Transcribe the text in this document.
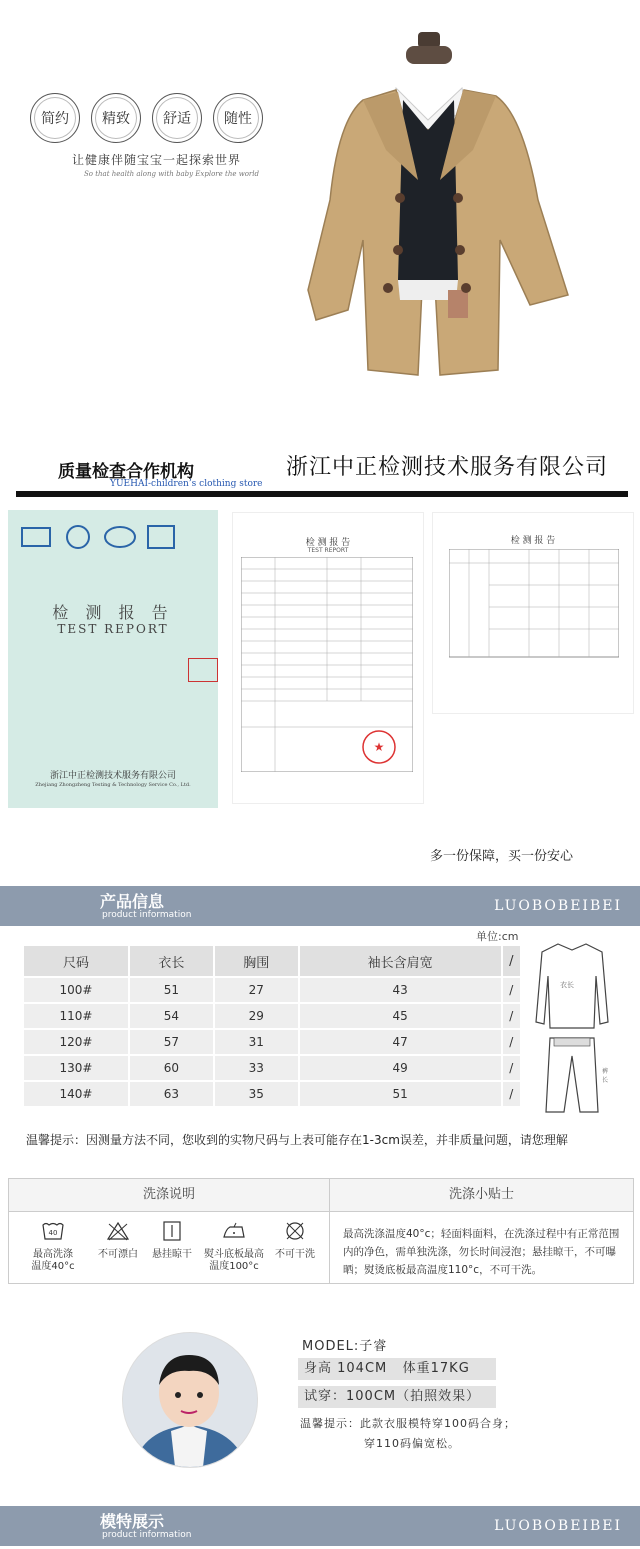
简约 精致 舒适 随性
让健康伴随宝宝一起探索世界
So that health along with baby Explore the world
质量检查合作机构
YUEHAI-children’s clothing store
浙江中正检测技术服务有限公司
检 测 报 告
TEST REPORT
浙江中正检测技术服务有限公司
Zhejiang Zhongzheng Testing & Technology Service Co., Ltd.
检 测 报 告
TEST REPORT
★
检 测 报 告
多一份保障，买一份安心
产品信息
product information
LUOBOBEIBEI
单位:cm
尺码	衣长	胸围	袖长含肩宽	/
100#	51	27	43	/
110#	54	29	45	/
120#	57	31	47	/
130#	60	33	49	/
140#	63	35	51	/
衣长
裤长
温馨提示：因测量方法不同，您收到的实物尺码与上表可能存在1-3cm误差，并非质量问题，请您理解
洗涤说明	洗涤小贴士
40
最高洗涤
温度40°c
不可漂白	悬挂晾干	熨斗底板最高
温度100°c
不可干洗
最高洗涤温度40°c；轻面料面料，在洗涤过程中有正常范围内的净色，需单独洗涤，勿长时间浸泡；悬挂晾干，不可曝晒；熨烫底板最高温度110°c，不可干洗。
MODEL:子睿
身高 104CM   体重17KG
试穿：100CM（拍照效果）
温馨提示：此款衣服模特穿100码合身；
穿110码偏宽松。
模特展示
product information
LUOBOBEIBEI
